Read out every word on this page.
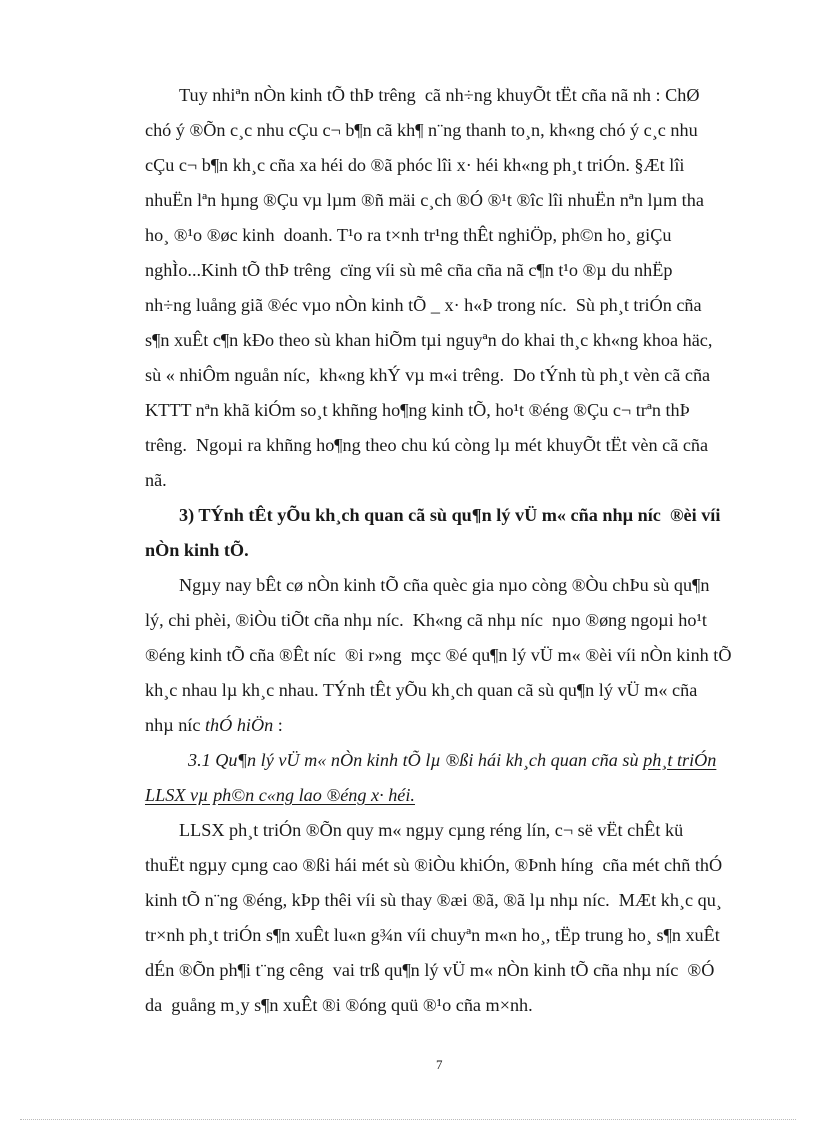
Tuy nhiªn nÒn kinh tÕ thÞ trêng  cã nh÷ng khuyÕt tËt cña nã nh : ChØ
chó ý ®Õn c¸c nhu cÇu c¬ b¶n cã kh¶ n¨ng thanh to¸n, kh«ng chó ý c¸c nhu
cÇu c¬ b¶n kh¸c cña xa héi do ®ã phóc lîi x· héi kh«ng ph¸t triÓn. §Æt lîi
nhuËn lªn hµng ®Çu vµ lµm ®ñ mäi c¸ch ®Ó ®¹t ®îc lîi nhuËn nªn lµm tha
ho¸ ®¹o ®øc kinh  doanh. T¹o ra t×nh tr¹ng thÊt nghiÖp, ph©n ho¸ giÇu
nghÌo...Kinh tÕ thÞ trêng  cïng víi sù mê cña cña nã c¶n t¹o ®µ du nhËp
nh÷ng luång giã ®éc vµo nÒn kinh tÕ _ x· h«Þ trong níc.  Sù ph¸t triÓn cña
s¶n xuÊt c¶n kÐo theo sù khan hiÕm tµi nguyªn do khai th¸c kh«ng khoa häc,
sù « nhiÔm nguån níc,  kh«ng khÝ vµ m«i trêng.  Do tÝnh tù ph¸t vèn cã cña
KTTT nªn khã kiÓm so¸t khñng ho¶ng kinh tÕ, ho¹t ®éng ®Çu c¬ trªn thÞ
trêng.  Ngoµi ra khñng ho¶ng theo chu kú còng lµ mét khuyÕt tËt vèn cã cña
nã.
3) TÝnh tÊt yÕu kh¸ch quan cã sù qu¶n lý vÜ m« cña nhµ níc  ®èi víi
nÒn kinh tÕ.
Ngµy nay bÊt cø nÒn kinh tÕ cña quèc gia nµo còng ®Òu chÞu sù qu¶n
lý, chi phèi, ®iÒu tiÕt cña nhµ níc.  Kh«ng cã nhµ níc  nµo ®øng ngoµi ho¹t
®éng kinh tÕ cña ®Êt níc  ®i r»ng  mçc ®é qu¶n lý vÜ m« ®èi víi nÒn kinh tÕ
kh¸c nhau lµ kh¸c nhau. TÝnh tÊt yÕu kh¸ch quan cã sù qu¶n lý vÜ m« cña
nhµ níc thÓ hiÖn :
3.1 Qu¶n lý vÜ m« nÒn kinh tÕ lµ ®ßi hái kh¸ch quan cña sù ph¸t triÓn
LLSX vµ ph©n c«ng lao ®éng x· héi.
LLSX ph¸t triÓn ®Õn quy m« ngµy cµng réng lín, c¬ së vËt chÊt kü
thuËt ngµy cµng cao ®ßi hái mét sù ®iÒu khiÓn, ®Þnh híng  cña mét chñ thÓ
kinh tÕ n¨ng ®éng, kÞp thêi víi sù thay ®æi ®ã, ®ã lµ nhµ níc.  MÆt kh¸c qu¸
tr×nh ph¸t triÓn s¶n xuÊt lu«n g¾n víi chuyªn m«n ho¸, tËp trung ho¸ s¶n xuÊt
dÉn ®Õn ph¶i t¨ng cêng  vai trß qu¶n lý vÜ m« nÒn kinh tÕ cña nhµ níc  ®Ó
da  guång m¸y s¶n xuÊt ®i ®óng quü ®¹o cña m×nh.
7
